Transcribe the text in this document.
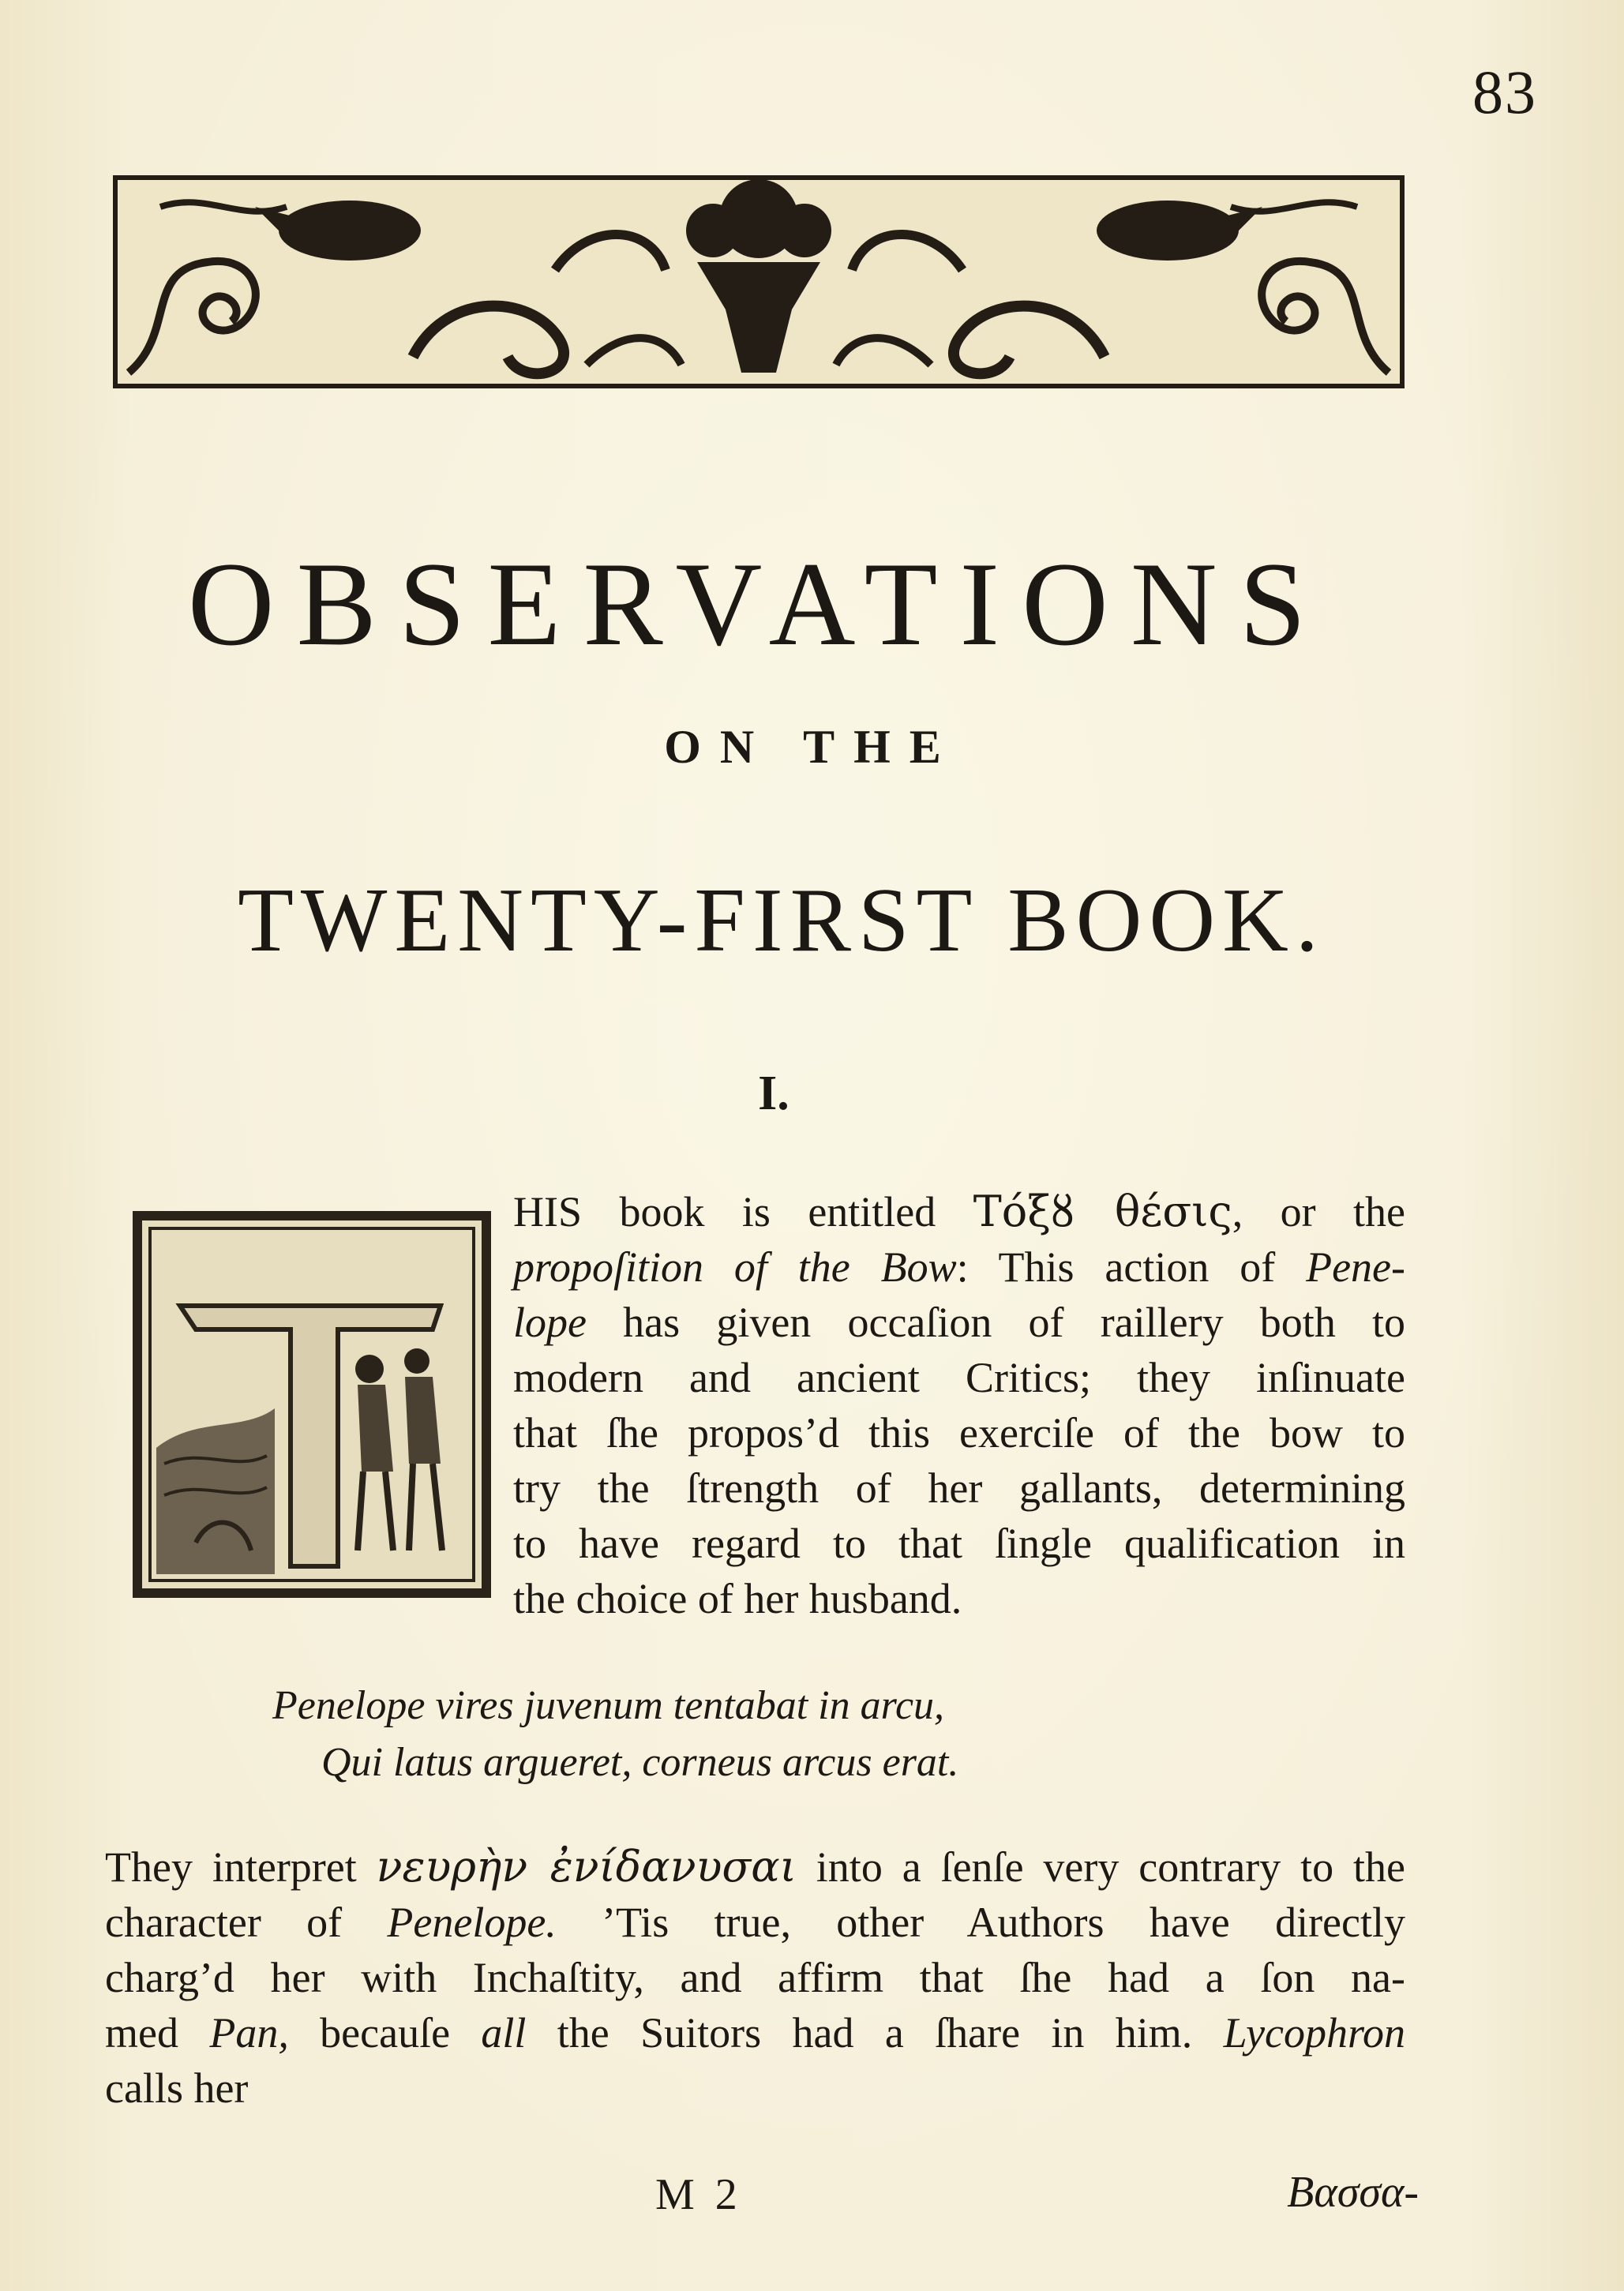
83
OBSERVATIONS
ON THE
TWENTY-FIRST BOOK.
I.
HIS book is entitled Τόξȣ θέσις, or the
propoſition of the Bow: This action of Pene-
lope has given occaſion of raillery both to
modern and ancient Critics; they inſinuate
that ſhe propos’d this exerciſe of the bow to
try the ſtrength of her gallants, determining
to have regard to that ſingle qualification in
the choice of her husband.
Penelope vires juvenum tentabat in arcu,
Qui latus argueret, corneus arcus erat.
They interpret νευρὴν ἐνίδανυσαι into a ſenſe very contrary to the
character of Penelope. ’Tis true, other Authors have directly
charg’d her with Inchaſtity, and affirm that ſhe had a ſon na-
med Pan, becauſe all the Suitors had a ſhare in him. Lycophron
calls her
M 2	Βασσα-
